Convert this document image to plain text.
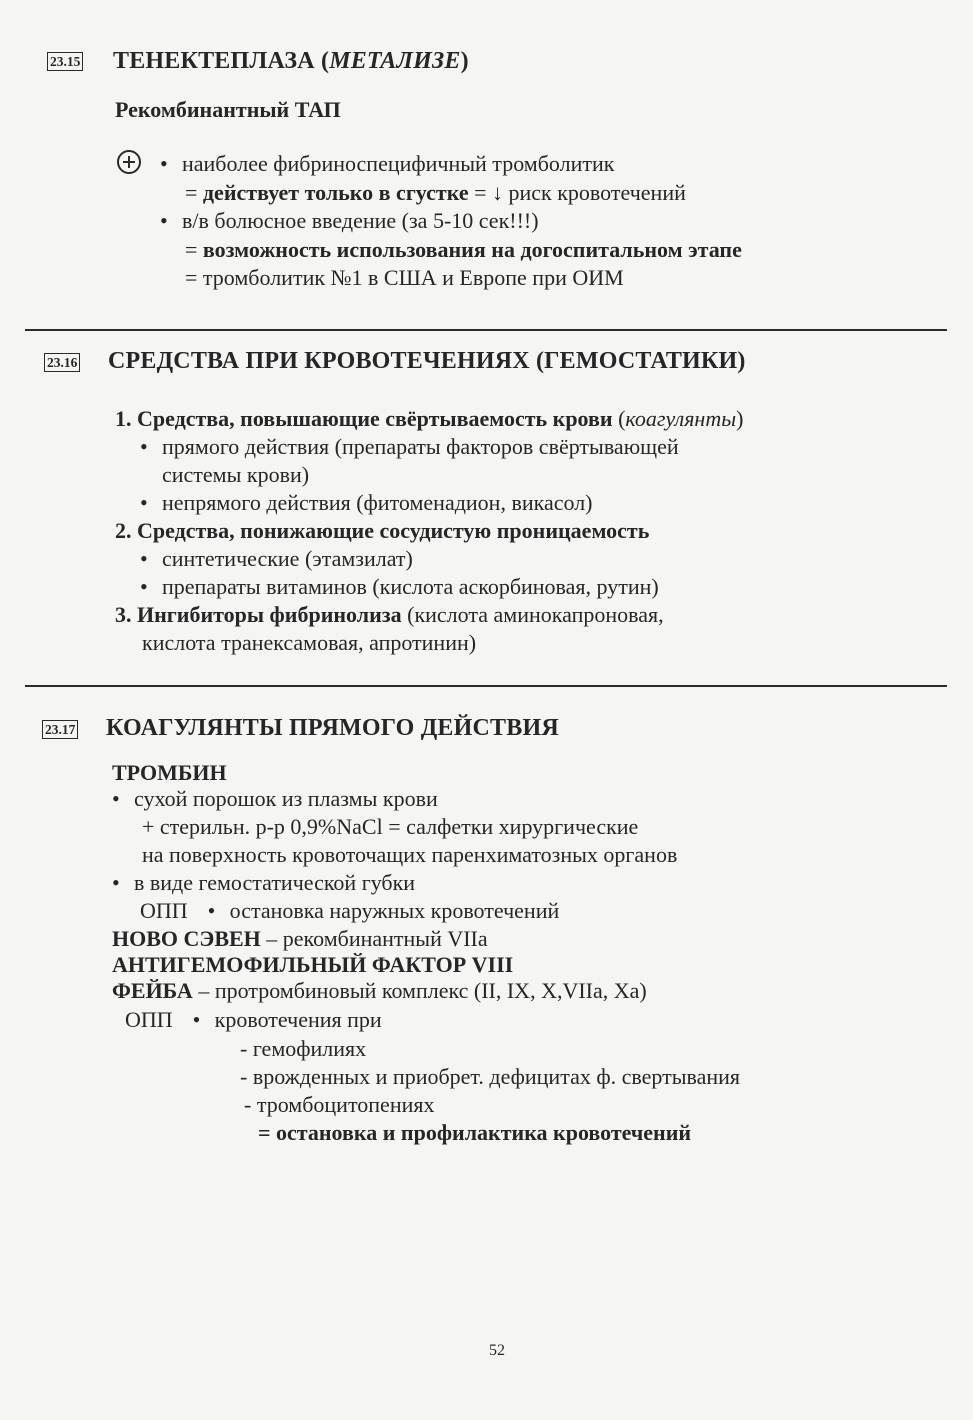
23.15 ТЕНЕКТЕПЛАЗА (МЕТАЛИЗЕ)
Рекомбинантный ТАП
• наиболее фибриноспецифичный тромболитик
= действует только в сгустке = ↓ риск кровотечений
• в/в болюсное введение (за 5-10 сек!!!)
= возможность использования на догоспитальном этапе
= тромболитик №1 в США и Европе при ОИМ
23.16 СРЕДСТВА ПРИ КРОВОТЕЧЕНИЯХ (ГЕМОСТАТИКИ)
1. Средства, повышающие свёртываемость крови (коагулянты)
• прямого действия (препараты факторов свёртывающей
системы крови)
• непрямого действия (фитоменадион, викасол)
2. Средства, понижающие сосудистую проницаемость
• синтетические (этамзилат)
• препараты витаминов (кислота аскорбиновая, рутин)
3. Ингибиторы фибринолиза (кислота аминокапроновая,
кислота транексамовая, апротинин)
23.17 КОАГУЛЯНТЫ ПРЯМОГО ДЕЙСТВИЯ
ТРОМБИН
• сухой порошок из плазмы крови
+ стерильн. р-р 0,9%NaCl = салфетки хирургические
на поверхность кровоточащих паренхиматозных органов
• в виде гемостатической губки
ОПП • остановка наружных кровотечений
НОВО СЭВЕН – рекомбинантный VIIa
АНТИГЕМОФИЛЬНЫЙ ФАКТОР VIII
ФЕЙБА – протромбиновый комплекс (II, IX, X,VIIa, Xa)
ОПП • кровотечения при
- гемофилиях
- врожденных и приобрет. дефицитах ф. свертывания
- тромбоцитопениях
= остановка и профилактика кровотечений
52
